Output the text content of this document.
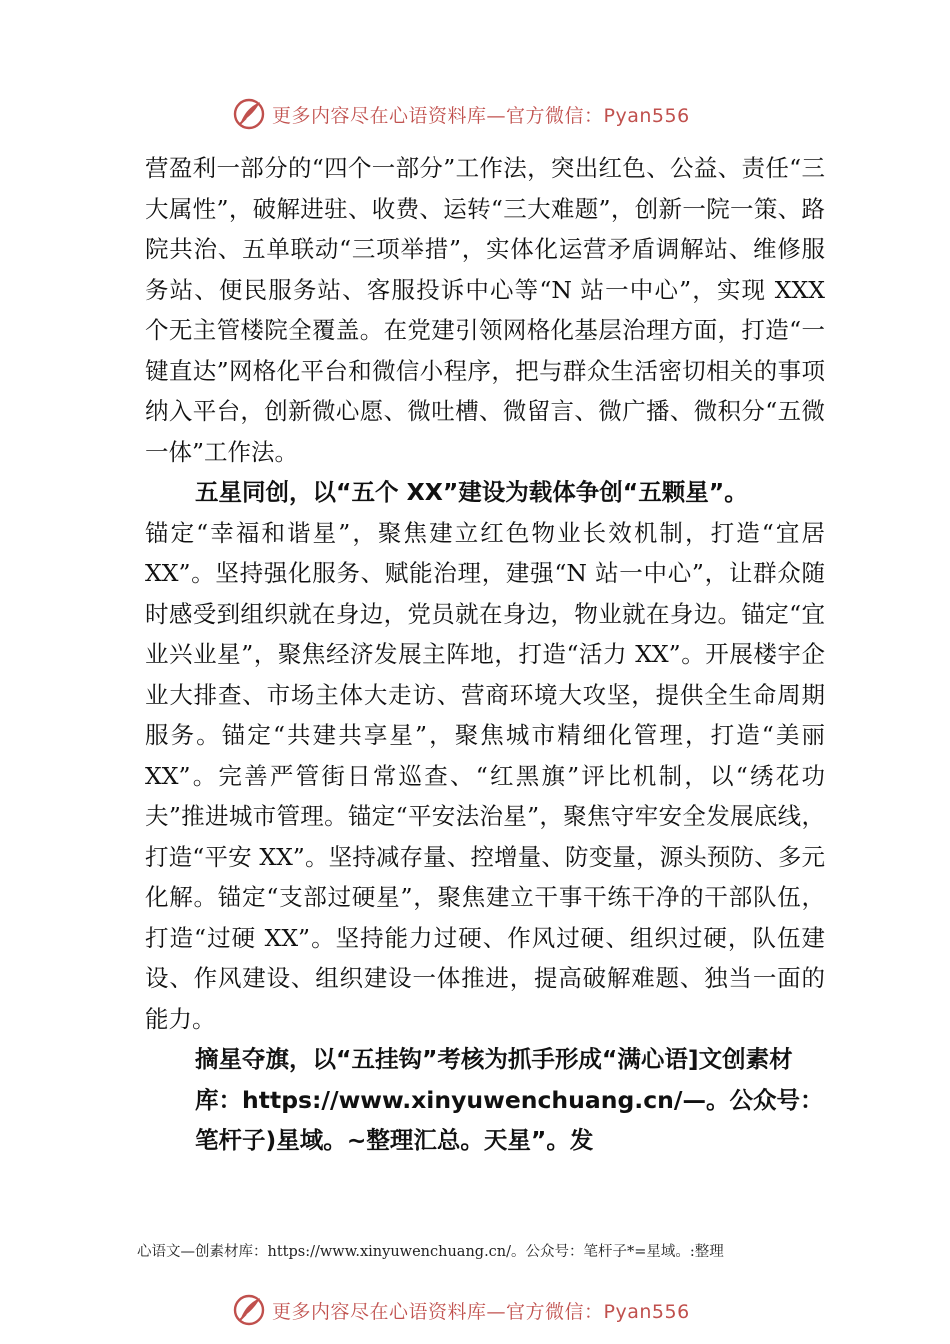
更多内容尽在心语资料库—官方微信：Pyan556

营盈利一部分的“四个一部分”工作法，突出红色、公益、责任“三大属性”，破解进驻、收费、运转“三大难题”，创新一院一策、路院共治、五单联动“三项举措”，实体化运营矛盾调解站、维修服务站、便民服务站、客服投诉中心等“N 站一中心”，实现 XXX 个无主管楼院全覆盖。在党建引领网格化基层治理方面，打造“一键直达”网格化平台和微信小程序，把与群众生活密切相关的事项纳入平台，创新微心愿、微吐槽、微留言、微广播、微积分“五微一体”工作法。

五星同创，以“五个 XX”建设为载体争创“五颗星”。

锚定“幸福和谐星”，聚焦建立红色物业长效机制，打造“宜居 XX”。坚持强化服务、赋能治理，建强“N 站一中心”，让群众随时感受到组织就在身边，党员就在身边，物业就在身边。锚定“宜业兴业星”，聚焦经济发展主阵地，打造“活力 XX”。开展楼宇企业大排查、市场主体大走访、营商环境大攻坚，提供全生命周期服务。锚定“共建共享星”，聚焦城市精细化管理，打造“美丽 XX”。完善严管街日常巡查、“红黑旗”评比机制，以“绣花功夫”推进城市管理。锚定“平安法治星”，聚焦守牢安全发展底线，打造“平安 XX”。坚持减存量、控增量、防变量，源头预防、多元化解。锚定“支部过硬星”，聚焦建立干事干练干净的干部队伍，打造“过硬 XX”。坚持能力过硬、作风过硬、组织过硬，队伍建设、作风建设、组织建设一体推进，提高破解难题、独当一面的能力。

摘星夺旗，以“五挂钩”考核为抓手形成“满心语]文创素材库：https://www.xinyuwenchuang.cn/—。公众号：笔杆子)星域。~整理汇总。天星”。发

心语文—创素材库：https://www.xinyuwenchuang.cn/。公众号：笔杆子*=星域。:整理
更多内容尽在心语资料库—官方微信：Pyan556
